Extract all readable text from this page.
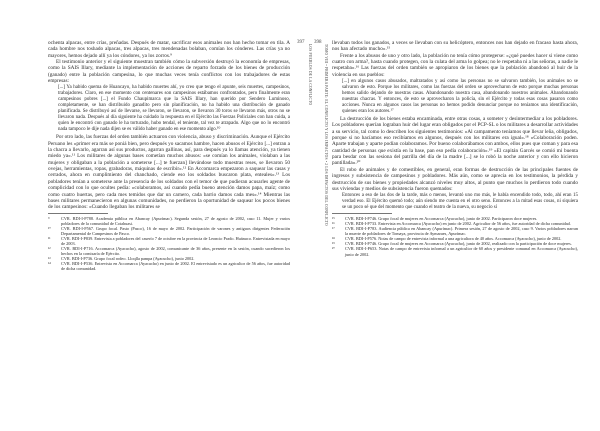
ochenta alpacas, entre crías, preñadas. Después de matar, sacrificar esos animales nos han hecho tomar en tila. A cada hombre nos toshado alpacas, tres alpacas, tres mendenadas bolaban, comían los cónderes. Las crías ya no mayores, hemos dejado allí ya los cóndores, ya los zorros.⁹

El testimonio anterior y el siguiente muestran también cómo la subversión destruyó la economía de empresas, como la SAIS Illary, mediante la implementación de acciones de reparto forzado de los bienes de producción (ganado) entre la población campesina, lo que muchas veces tenía conflictos con los trabajadores de estas empresas:

[...] Ya habido quema de Huancayo, ha habido muertes ahí, yo creo que tengo el apunte, seis muertes, campesinos, trabajadores. Claro, en ese momento con centenares son campesinos estábamos confrontados, pero finalmente eran campesinos pobres [...] el Fundo Chaupimarca que la SAIS Illary, han querido por Sendero Luminoso, completamente, se han distribuido ganadito pero sin planificación, no ha habido una distribución de ganado planificada. Se distribuyó así de llevarse, se llevaron, se llevaron, se llevaron 30 toros se llevaron más, otros no se llevaron nada. Después al día siguiente ha cuidado la respuesta en el Ejército las Fuerzas Policiales con han cuida, a quien le encontró con ganado le ha torturado, hubo tendal, el teniente, tal vez te atrapado. Algo que no lo encontró nada tampoco le dije nada dijen se es válido haber ganado en ese momento algo.¹⁰

Por otro lado, las fuerzas del orden también actuaron con violencia, abuso y discriminación. Aunque el Ejército Peruano les «primer era más se poniá bien, pero después yo sacamos hambre, hacen abusos el Ejército [...] entran a la chacra a llevarlo, agarran así sus productos, agarran gallinas, así, para después ya lo llamas atención, ya tienen miedo ya».¹¹ Los militares de algunas bases cometían muchos abusos: «se comían los animales, violaban a las mujeres y obligaban a la población a someterse [...] te fuerzan] llevándose todo muestras reses, se llevaron 50 ovejas, herramientas, ropas, grabadoras, máquinas de escribir».¹² En Accomarca empezaron a saquear las casas y cerrados, ahora en cumplimiento del chanchado, ciende eso los soldados buscaron plata, enteales».¹³ Los pobladores tenían a someterse ante la presencia de los soldados con el temor de que pudieran acusarles agente de complicidad con lo que ocultes pedía: «colaboramos, así cuando pedía bueno atención damos papa, maíz; como como cuatro huertas, pero cada mes temidos que dar un carnero, cada barrio damos cada mes».¹⁴ Mientras las bases militares permanecieron en algunas comunidades, no perdieron la oportunidad de saquear los pocos bienes de los campesinos: «Cuando llegaban los militares se

⁹	CVR. BDI-I-P788. Academia pública en Abancay (Apurímac). Segunda sesión, 27 de agosto de 2002, caso 11. Mujer y varios pobladores de la comunidad de Cotahuasi.
¹⁰	CVR. BDI-I-P567. Grupo focal. Pasto (Pasco), 16 de mayo de 2002. Participación de varones y antiguos dirigentes Federación Departamental de Campesinos de Pasco.
¹¹	CVR. BDI-I-P839. Entrevista a pobladores del caserío 7 de octubre en la provincia de Leoncio Prado. Huánuco. Entrevistada en mayo de 2003.
¹²	CVR. BDI-I-P716. Accomarca (Ayacucho), agosto de 2002, comunicante de 36 años, presente en la sesión, cuando sucedieron los hechos en la comisaría de Ejército.
¹³	CVR. BDI-I-P736. Grupo focal rodeo. Lloqlla pampa (Ayacucho), junio 2002.
¹⁴	CVR. BDI-I-P536. Entrevista en Accomarca (Ayacucho) en junio de 2002. El entrevistado es un agricultor de 56 años, fue autoridad de dicha comunidad.
397
LOS PUEBLOS DE LA CONFLICTO
398
TOMO VIII • PRIMERA PARTE: EL CONFLICTO Y LOS IMPACTOS • 2 LOS IMPACTOS DEL CONFLICTO

llevaban todos los ganados, a veces se llevaban con su helicóptero, entonces nos han dejado en fracaso hasta ahora, nos han afectado mucho».¹⁵

Frente a los abusos de uno y otro lado, la población no tenía cómo protegerse: «¿qué puedes hacer si viene como cuatro con arma?, hasta cuando protegen, con la culata del arma lo golpea; no le respetaba ni a las señoras, a nadie le respetaba».¹⁶ Las fuerzas del orden también se apropiaron de los bienes que la población abandonó al huir de la violencia en sus pueblos:

[...] en algunos casos abusados, maltratados y así como las personas no se salvaron también, los animales no se salvaron de esto. Porque los militares, como las fuerzas del orden se aprovecharon de esto porque muchas personas hemos salido dejando de nuestras casas. Abandonando nuestra casa, abandonando nuestros animales. Abandonando nuestras chacras. Y entonces, de esto se aprovecharon la policía, sin el Ejército y todas esas cosas pasaron como acciones. Nunca en algunos casos las personas no hemos podido denunciar porque no teníamos una identificación, quienes eran los autores.¹⁷

La destrucción de los bienes estaba encaminada, entre otras cosas, a someter y desintermediar a los pobladores. Los pobladores querían lograban huir del lugar eran obligados por el PCP-SL o los militares a desarrollar actividades a su servicio, tal como lo describen los siguientes testimonios: «Al campamento teníamos que llevar leña, obligados, porque si no hacíamos eso recibíamos en algunos, después con los militares era igual».¹⁸ «Colaboración poden. Aparte trabajan y aparte podían colaboramos. Por bueno colaborábamos con ambos, ellos pues que coman y para esa cantidad de personas que existía en la base, pan eso pedía colaboración».¹⁹ «El capitán Garcés se comió mi buenta para besdar con las sesiona del patrilla del día de la madre [...] se lo robó la noche anterior y con ello hicieron pantillada».²⁰

El robo de animales y de comestibles, en general, eran formas de destrucción de las principales fuentes de ingresos y subsistencia de campesinos y pobladores. Más aún, como se aprecia en los testimonios, la pérdida y destrucción de sus bienes y propiedades alcanzó niveles muy altos, al punto que muchos lo perdieron todo cuando sus viviendas y medios de subsistencia fueron quemados:

Entonces a eso de las dos de la tarde, más o menos, levantó uno mo más, le había encendido todo, todo, ahí eran 15 verdad eso. El Ejército quemó todo; aún siendo me cuenta en el otro seno. Entonces a la mitad esas cosas, ni siquiera se un poco sé que del momento que cuando el teatro de la nueva, su negocio sí

¹⁵	CVR. BDI-I-P746. Grupo focal de mujeres en Accomarca (Ayacucho), junio de 2002. Participaron doce mujeres.
¹⁶	CVR. BDI-I-P733. Entrevista en Accomarca (Ayacucho) en junio de 2002. Agricultor de 56 años, fue autoridad de dicha comunidad.
¹⁷	CVR. BDI-I-P783. Audiencia pública en Abancay (Apurímac). Primera sesión, 27 de agosto de 2002, caso 9. Varios pobladores narran la muerte de pobladores de Tomaya, provincia de Aymaraes, Apurímac.
¹⁸	CVR. BDI-I-P576. Notas de campo de entrevista informal a una agricultora de 40 años. Accomarca (Ayacucho), junio de 2002.
¹⁹	CVR. BDI-I-P746. Grupo focal de mujeres en Accomarca (Ayacucho), junio de 2002, realizado con la participación de doce mujeres.
²⁰	CVR. BDI-I-P653. Notas de campo de entrevista informal a un agricultor de 60 años y presidente comunal en Accomarca (Ayacucho), junio de 2002.
